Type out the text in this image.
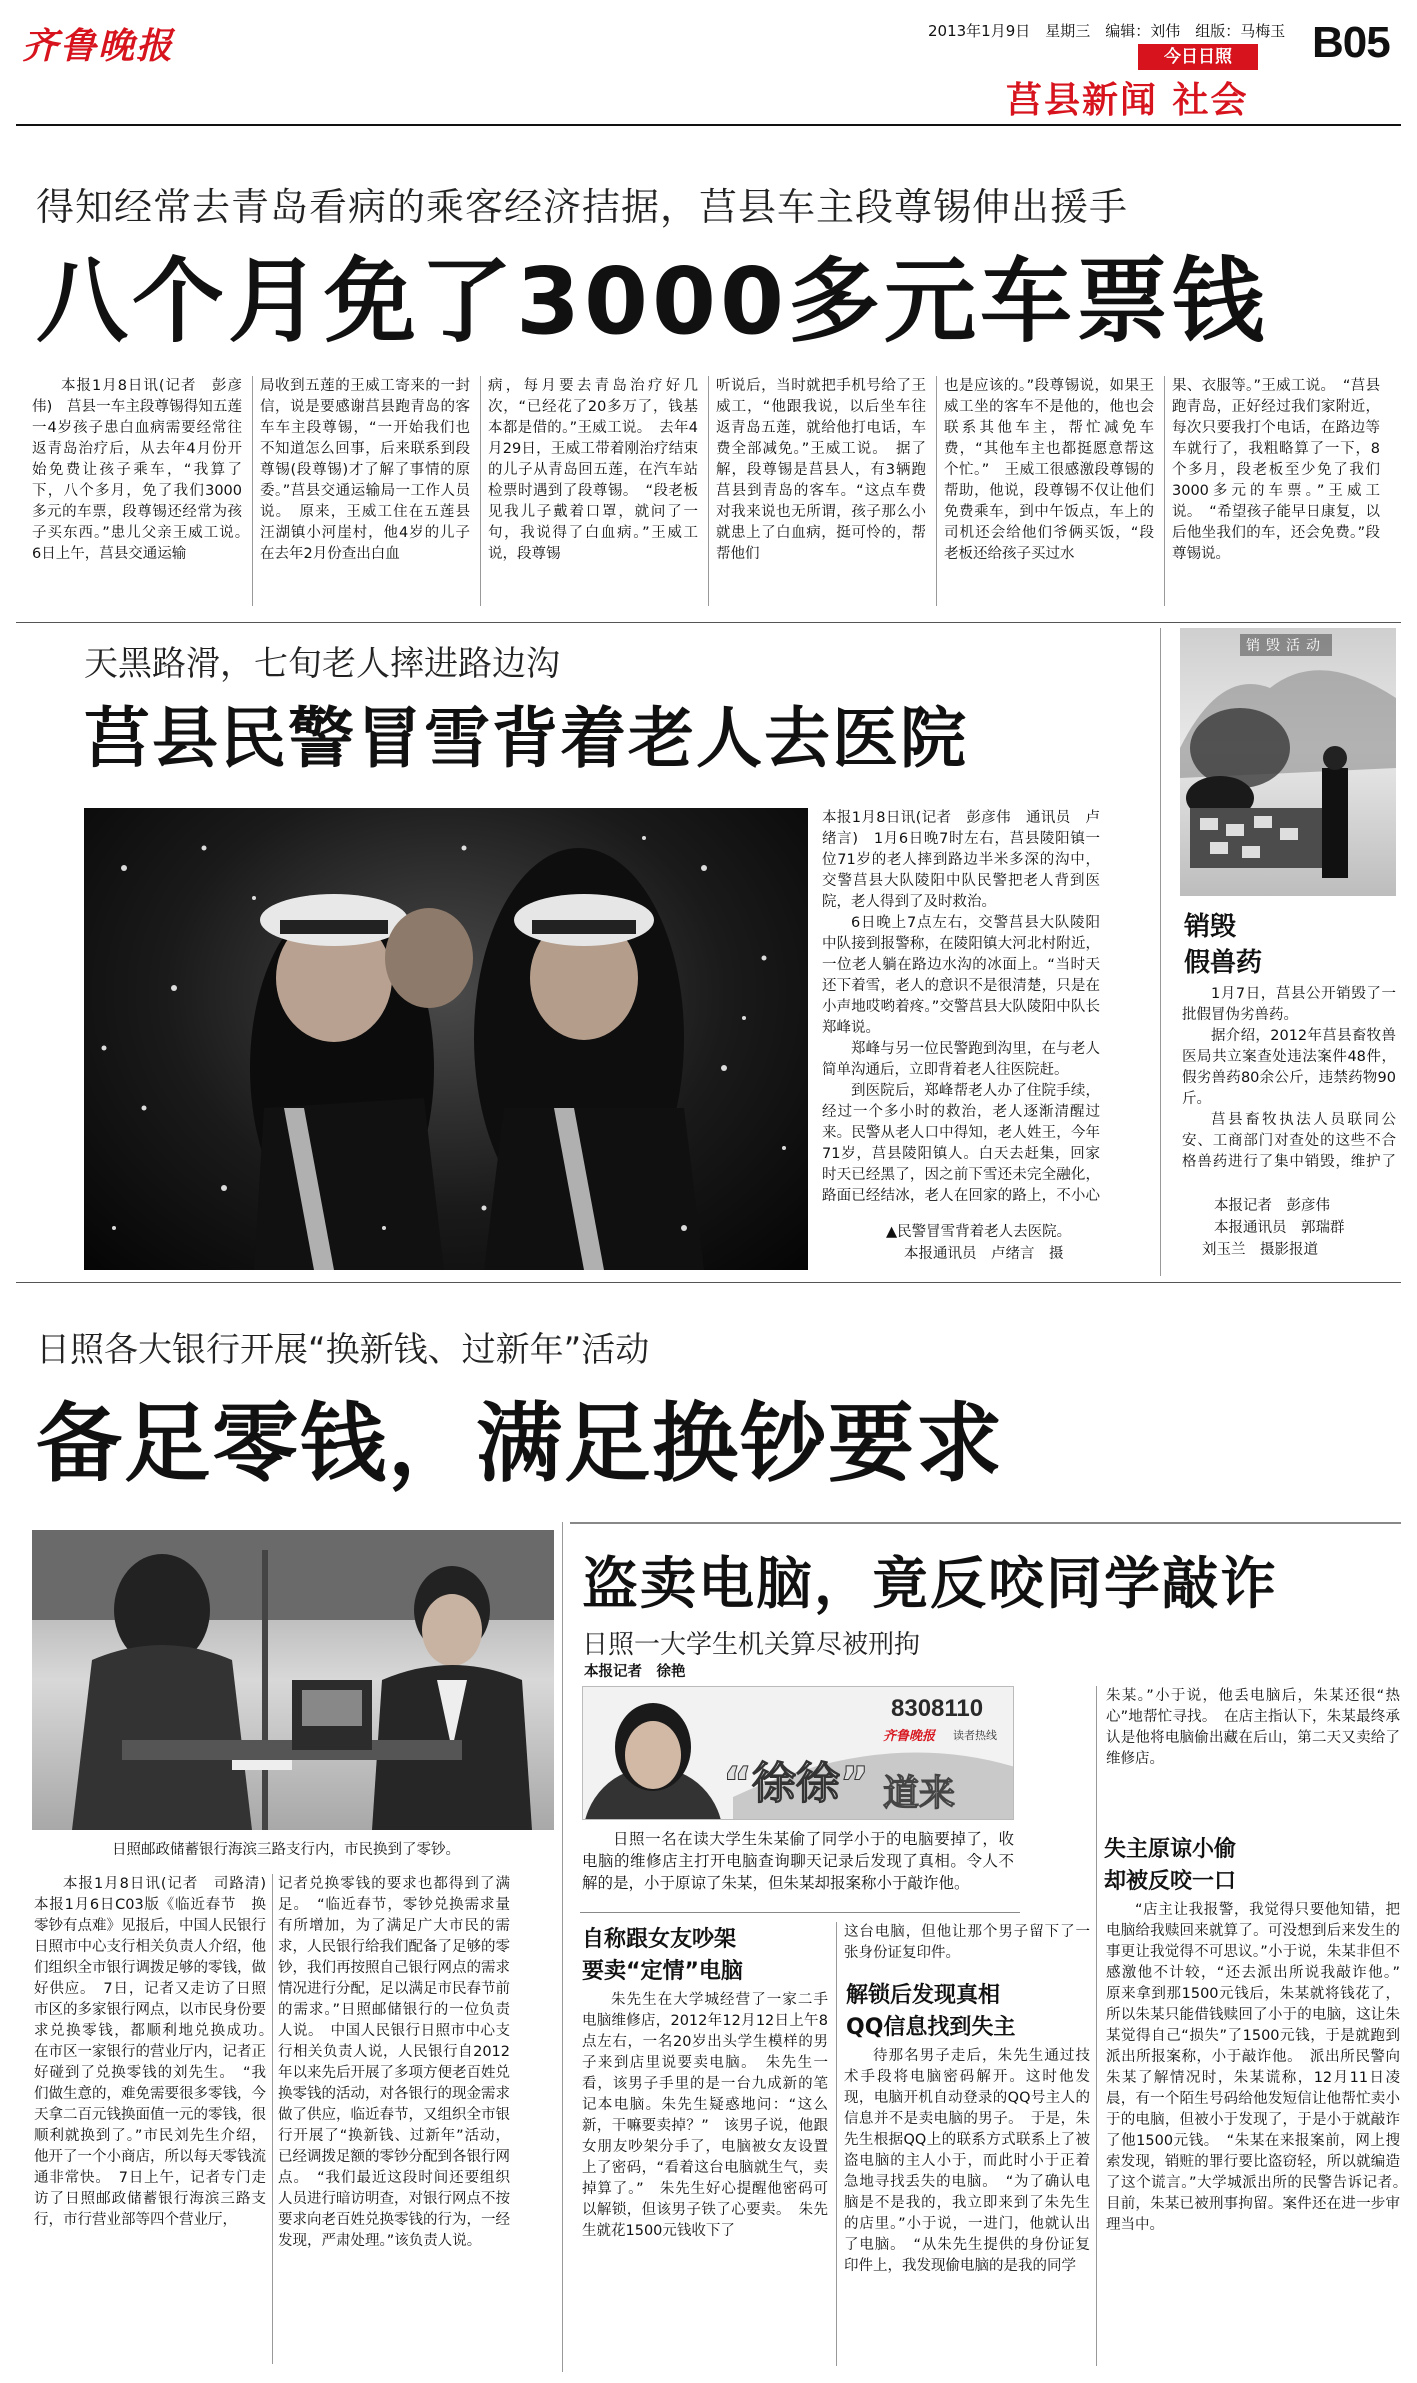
齐鲁晚报	2013年1月9日　星期三　编辑：刘伟　组版：马梅玉
今日日照
莒县新闻 社会
B05
得知经常去青岛看病的乘客经济拮据，莒县车主段尊锡伸出援手
八个月免了3000多元车票钱

本报1月8日讯(记者　彭彦伟)　莒县一车主段尊锡得知五莲一4岁孩子患白血病需要经常往返青岛治疗后，从去年4月份开始免费让孩子乘车，“我算了下，八个多月，免了我们3000多元的车票，段尊锡还经常为孩子买东西。”患儿父亲王威工说。　6日上午，莒县交通运输

局收到五莲的王威工寄来的一封信，说是要感谢莒县跑青岛的客车车主段尊锡，“一开始我们也不知道怎么回事，后来联系到段尊锡(段尊锡)才了解了事情的原委。”莒县交通运输局一工作人员说。　原来，王威工住在五莲县汪湖镇小河崖村，他4岁的儿子在去年2月份查出白血

病，每月要去青岛治疗好几次，“已经花了20多万了，钱基本都是借的。”王威工说。　去年4月29日，王威工带着刚治疗结束的儿子从青岛回五莲，在汽车站检票时遇到了段尊锡。　“段老板见我儿子戴着口罩，就问了一句，我说得了白血病。”王威工说，段尊锡

听说后，当时就把手机号给了王威工，“他跟我说，以后坐车往返青岛五莲，就给他打电话，车费全部减免。”王威工说。　据了解，段尊锡是莒县人，有3辆跑莒县到青岛的客车。“这点车费对我来说也无所谓，孩子那么小就患上了白血病，挺可怜的，帮帮他们

也是应该的。”段尊锡说，如果王威工坐的客车不是他的，他也会联系其他车主，帮忙减免车费，“其他车主也都挺愿意帮这个忙。”　王威工很感激段尊锡的帮助，他说，段尊锡不仅让他们免费乘车，到中午饭点，车上的司机还会给他们爷俩买饭，“段老板还给孩子买过水

果、衣服等。”王威工说。　“莒县跑青岛，正好经过我们家附近，每次只要我打个电话，在路边等车就行了，我粗略算了一下，8个多月，段老板至少免了我们3000多元的车票。”王威工说。　“希望孩子能早日康复，以后他坐我们的车，还会免费。”段尊锡说。

天黑路滑，七旬老人摔进路边沟
莒县民警冒雪背着老人去医院

本报1月8日讯(记者　彭彦伟　通讯员　卢绪言)　1月6日晚7时左右，莒县陵阳镇一位71岁的老人摔到路边半米多深的沟中，交警莒县大队陵阳中队民警把老人背到医院，老人得到了及时救治。

6日晚上7点左右，交警莒县大队陵阳中队接到报警称，在陵阳镇大河北村附近，一位老人躺在路边水沟的冰面上。“当时天还下着雪，老人的意识不是很清楚，只是在小声地哎哟着疼。”交警莒县大队陵阳中队长郑峰说。

郑峰与另一位民警跑到沟里，在与老人简单沟通后，立即背着老人往医院赶。

到医院后，郑峰帮老人办了住院手续，经过一个多小时的救治，老人逐渐清醒过来。民警从老人口中得知，老人姓王，今年71岁，莒县陵阳镇人。白天去赶集，回家时天已经黑了，因之前下雪还未完全融化，路面已经结冰，老人在回家的路上，不小心

▲民警冒雪背着老人去医院。
本报通讯员　卢绪言　摄
销毁活动
销毁
假兽药

1月7日，莒县公开销毁了一批假冒伪劣兽药。

据介绍，2012年莒县畜牧兽医局共立案查处违法案件48件，假劣兽药80余公斤，违禁药物90斤。

莒县畜牧执法人员联同公安、工商部门对查处的这些不合格兽药进行了集中销毁，维护了

本报记者　彭彦伟
本报通讯员　郭瑞群
刘玉兰　摄影报道
日照各大银行开展“换新钱、过新年”活动
备足零钱，满足换钞要求
日照邮政储蓄银行海滨三路支行内，市民换到了零钞。

本报1月8日讯(记者　司路清)　本报1月6日C03版《临近春节　换零钞有点难》见报后，中国人民银行日照市中心支行相关负责人介绍，他们组织全市银行调拨足够的零钱，做好供应。　7日，记者又走访了日照市区的多家银行网点，以市民身份要求兑换零钱，都顺利地兑换成功。　在市区一家银行的营业厅内，记者正好碰到了兑换零钱的刘先生。　“我们做生意的，难免需要很多零钱，今天拿二百元钱换面值一元的零钱，很顺利就换到了。”市民刘先生介绍，他开了一个小商店，所以每天零钱流通非常快。　7日上午，记者专门走访了日照邮政储蓄银行海滨三路支行，市行营业部等四个营业厅，

记者兑换零钱的要求也都得到了满足。　“临近春节，零钞兑换需求量有所增加，为了满足广大市民的需求，人民银行给我们配备了足够的零钞，我们再按照自己银行网点的需求情况进行分配，足以满足市民春节前的需求。”日照邮储银行的一位负责人说。　中国人民银行日照市中心支行相关负责人说，人民银行自2012年以来先后开展了多项方便老百姓兑换零钱的活动，对各银行的现金需求做了供应，临近春节，又组织全市银行开展了“换新钱、过新年”活动，已经调拨足额的零钞分配到各银行网点。　“我们最近这段时间还要组织人员进行暗访明查，对银行网点不按要求向老百姓兑换零钱的行为，一经发现，严肃处理。”该负责人说。

盗卖电脑，竟反咬同学敲诈
日照一大学生机关算尽被刑拘
本报记者　徐艳
8308110
齐鲁晚报 读者热线
“徐徐” 道来

日照一名在读大学生朱某偷了同学小于的电脑要掉了，收电脑的维修店主打开电脑查询聊天记录后发现了真相。令人不解的是，小于原谅了朱某，但朱某却报案称小于敲诈他。

朱某。”小于说，他丢电脑后，朱某还很“热心”地帮忙寻找。　在店主指认下，朱某最终承认是他将电脑偷出藏在后山，第二天又卖给了维修店。

失主原谅小偷
却被反咬一口

“店主让我报警，我觉得只要他知错，把电脑给我赎回来就算了。可没想到后来发生的事更让我觉得不可思议。”小于说，朱某非但不感激他不计较，“还去派出所说我敲诈他。”　原来拿到那1500元钱后，朱某就将钱花了，所以朱某只能借钱赎回了小于的电脑，这让朱某觉得自己“损失”了1500元钱，于是就跑到派出所报案称，小于敲诈他。　派出所民警向朱某了解情况时，朱某谎称，12月11日凌晨，有一个陌生号码给他发短信让他帮忙卖小于的电脑，但被小于发现了，于是小于就敲诈了他1500元钱。　“朱某在来报案前，网上搜索发现，销赃的罪行要比盗窃轻，所以就编造了这个谎言。”大学城派出所的民警告诉记者。　目前，朱某已被刑事拘留。案件还在进一步审理当中。

自称跟女友吵架
要卖“定情”电脑

朱先生在大学城经营了一家二手电脑维修店，2012年12月12日上午8点左右，一名20岁出头学生模样的男子来到店里说要卖电脑。　朱先生一看，该男子手里的是一台九成新的笔记本电脑。朱先生疑惑地问：“这么新，干嘛要卖掉？”　该男子说，他跟女朋友吵架分手了，电脑被女友设置上了密码，“看着这台电脑就生气，卖掉算了。”　朱先生好心提醒他密码可以解锁，但该男子铁了心要卖。　朱先生就花1500元钱收下了

这台电脑，但他让那个男子留下了一张身份证复印件。

解锁后发现真相
QQ信息找到失主

待那名男子走后，朱先生通过技术手段将电脑密码解开。这时他发现，电脑开机自动登录的QQ号主人的信息并不是卖电脑的男子。　于是，朱先生根据QQ上的联系方式联系上了被盗电脑的主人小于，而此时小于正着急地寻找丢失的电脑。　“为了确认电脑是不是我的，我立即来到了朱先生的店里。”小于说，一进门，他就认出了电脑。　“从朱先生提供的身份证复印件上，我发现偷电脑的是我的同学
